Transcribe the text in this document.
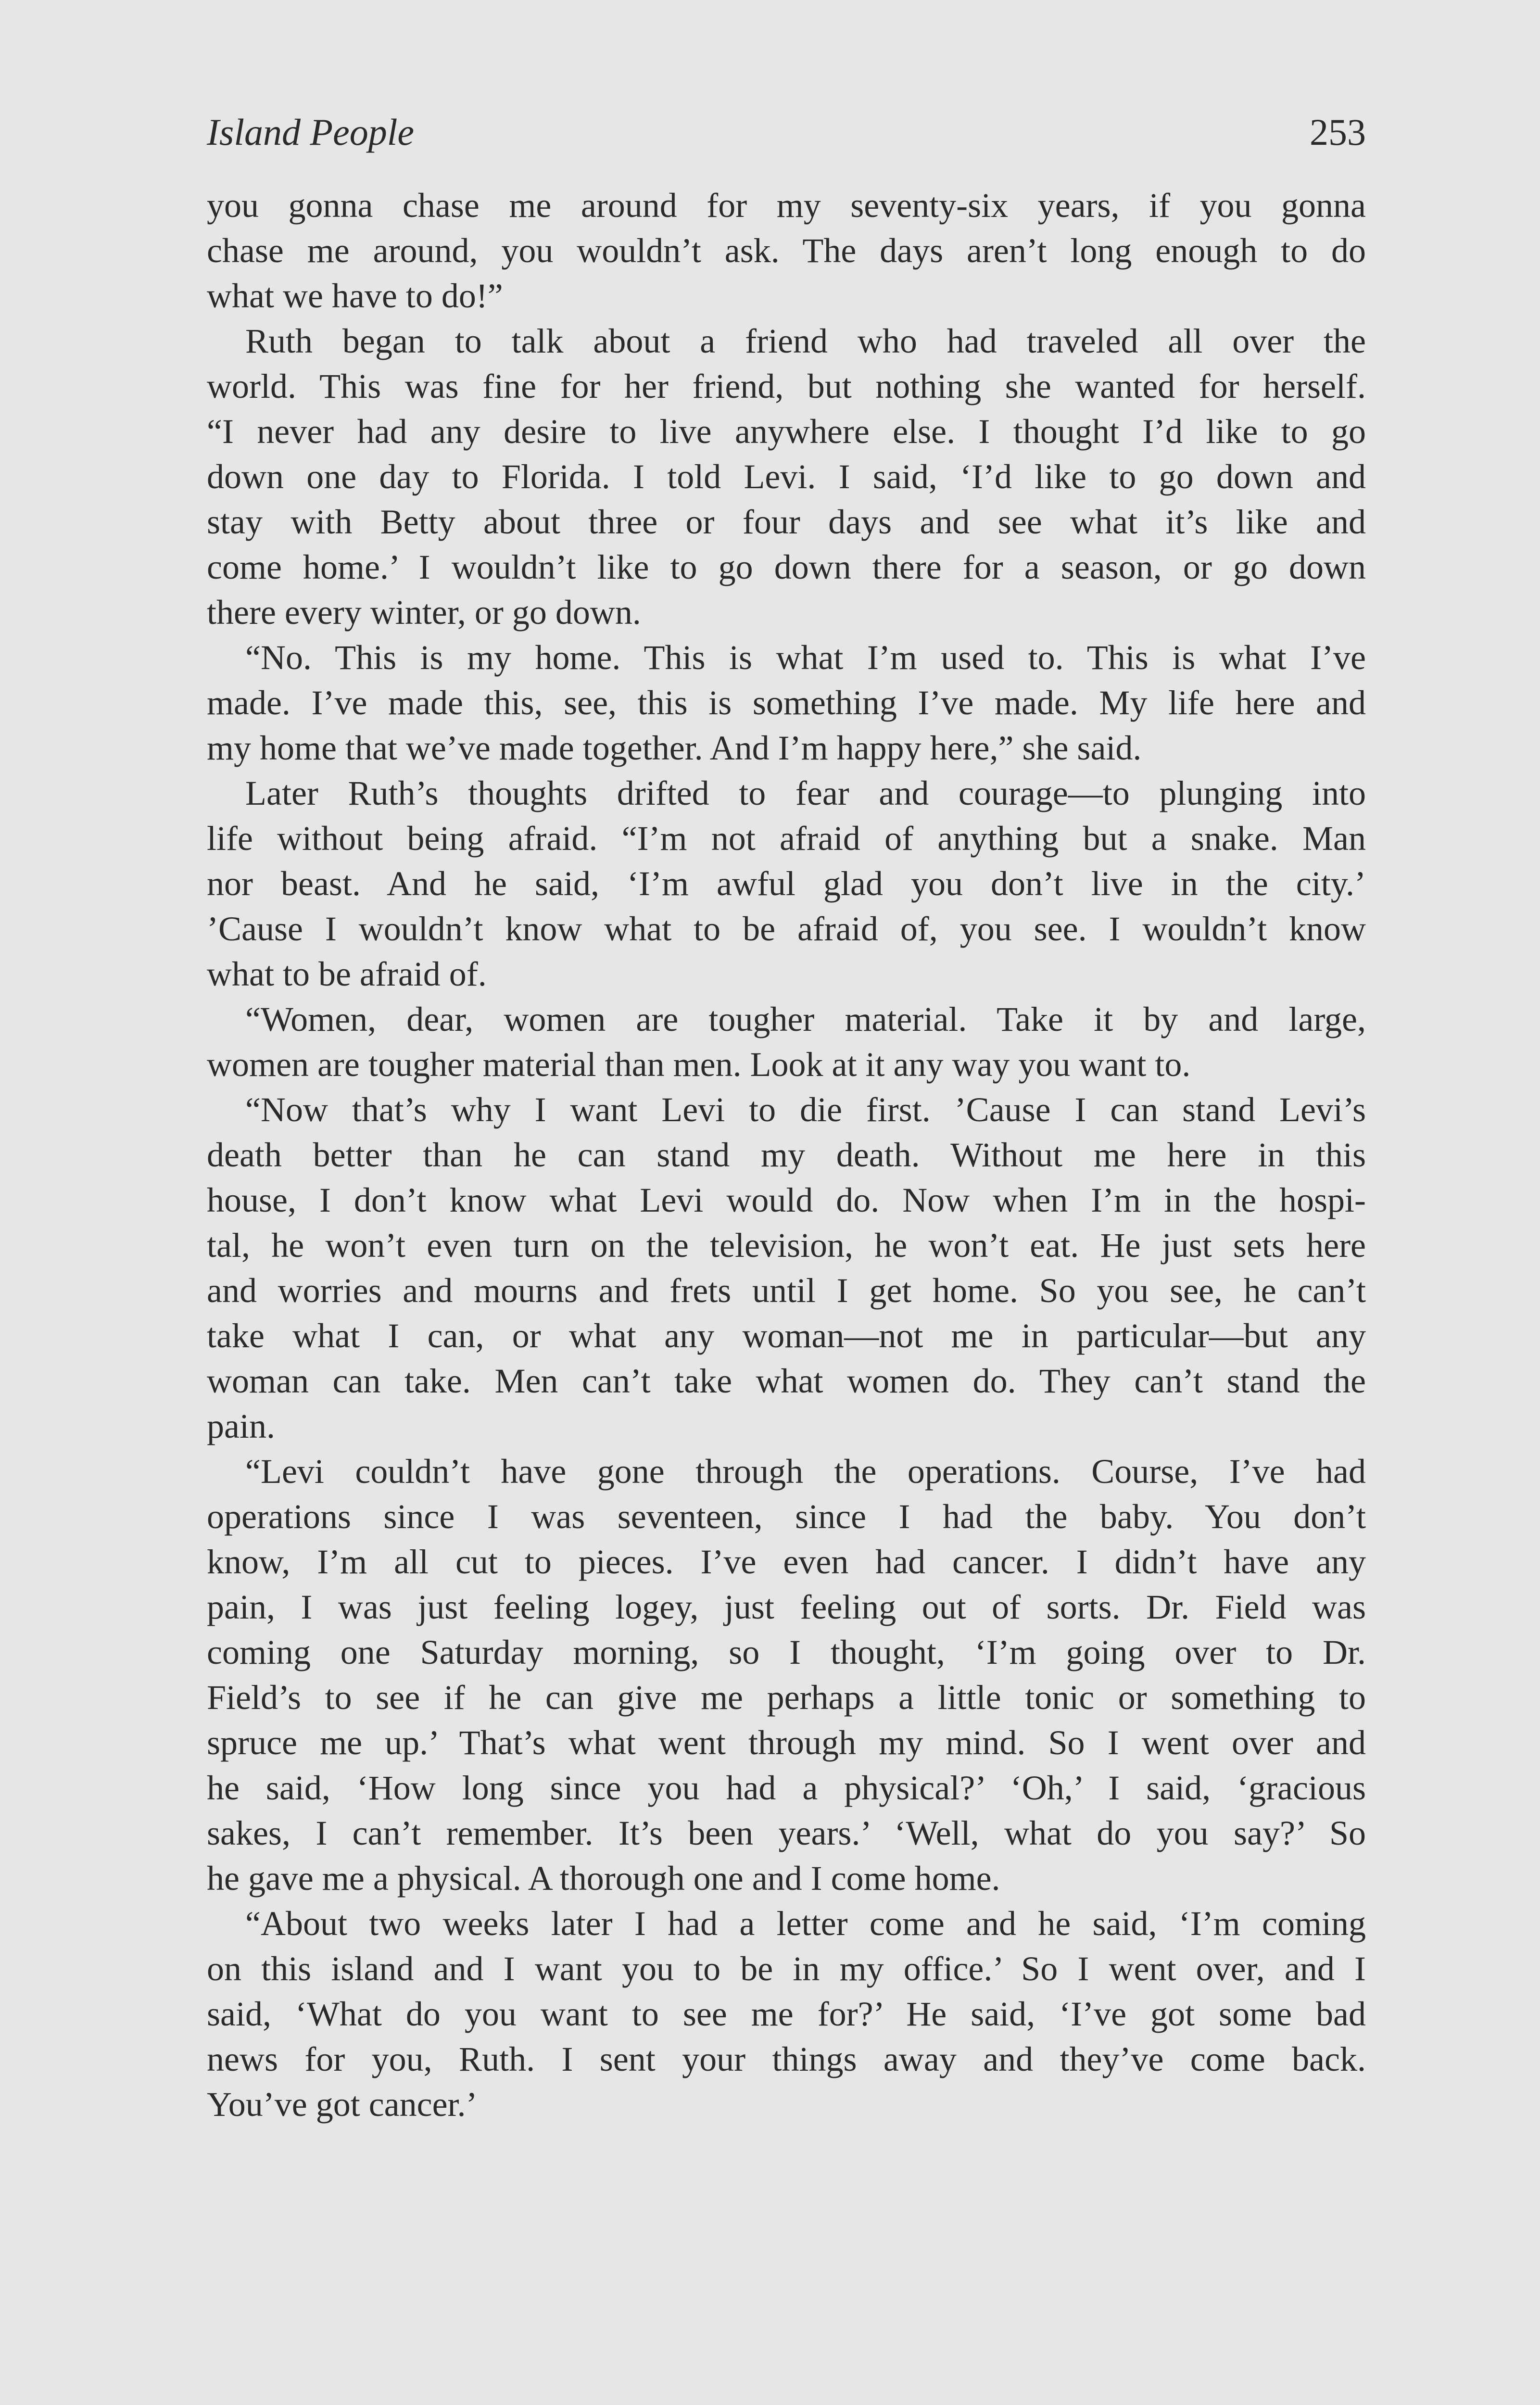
Island People	253
you gonna chase me around for my seventy-six years, if you gonna
chase me around, you wouldn’t ask. The days aren’t long enough to do
what we have to do!”
Ruth began to talk about a friend who had traveled all over the
world. This was fine for her friend, but nothing she wanted for herself.
“I never had any desire to live anywhere else. I thought I’d like to go
down one day to Florida. I told Levi. I said, ‘I’d like to go down and
stay with Betty about three or four days and see what it’s like and
come home.’ I wouldn’t like to go down there for a season, or go down
there every winter, or go down.
“No. This is my home. This is what I’m used to. This is what I’ve
made. I’ve made this, see, this is something I’ve made. My life here and
my home that we’ve made together. And I’m happy here,” she said.
Later Ruth’s thoughts drifted to fear and courage—to plunging into
life without being afraid. “I’m not afraid of anything but a snake. Man
nor beast. And he said, ‘I’m awful glad you don’t live in the city.’
’Cause I wouldn’t know what to be afraid of, you see. I wouldn’t know
what to be afraid of.
“Women, dear, women are tougher material. Take it by and large,
women are tougher material than men. Look at it any way you want to.
“Now that’s why I want Levi to die first. ’Cause I can stand Levi’s
death better than he can stand my death. Without me here in this
house, I don’t know what Levi would do. Now when I’m in the hospi-
tal, he won’t even turn on the television, he won’t eat. He just sets here
and worries and mourns and frets until I get home. So you see, he can’t
take what I can, or what any woman—not me in particular—but any
woman can take. Men can’t take what women do. They can’t stand the
pain.
“Levi couldn’t have gone through the operations. Course, I’ve had
operations since I was seventeen, since I had the baby. You don’t
know, I’m all cut to pieces. I’ve even had cancer. I didn’t have any
pain, I was just feeling logey, just feeling out of sorts. Dr. Field was
coming one Saturday morning, so I thought, ‘I’m going over to Dr.
Field’s to see if he can give me perhaps a little tonic or something to
spruce me up.’ That’s what went through my mind. So I went over and
he said, ‘How long since you had a physical?’ ‘Oh,’ I said, ‘gracious
sakes, I can’t remember. It’s been years.’ ‘Well, what do you say?’ So
he gave me a physical. A thorough one and I come home.
“About two weeks later I had a letter come and he said, ‘I’m coming
on this island and I want you to be in my office.’ So I went over, and I
said, ‘What do you want to see me for?’ He said, ‘I’ve got some bad
news for you, Ruth. I sent your things away and they’ve come back.
You’ve got cancer.’
